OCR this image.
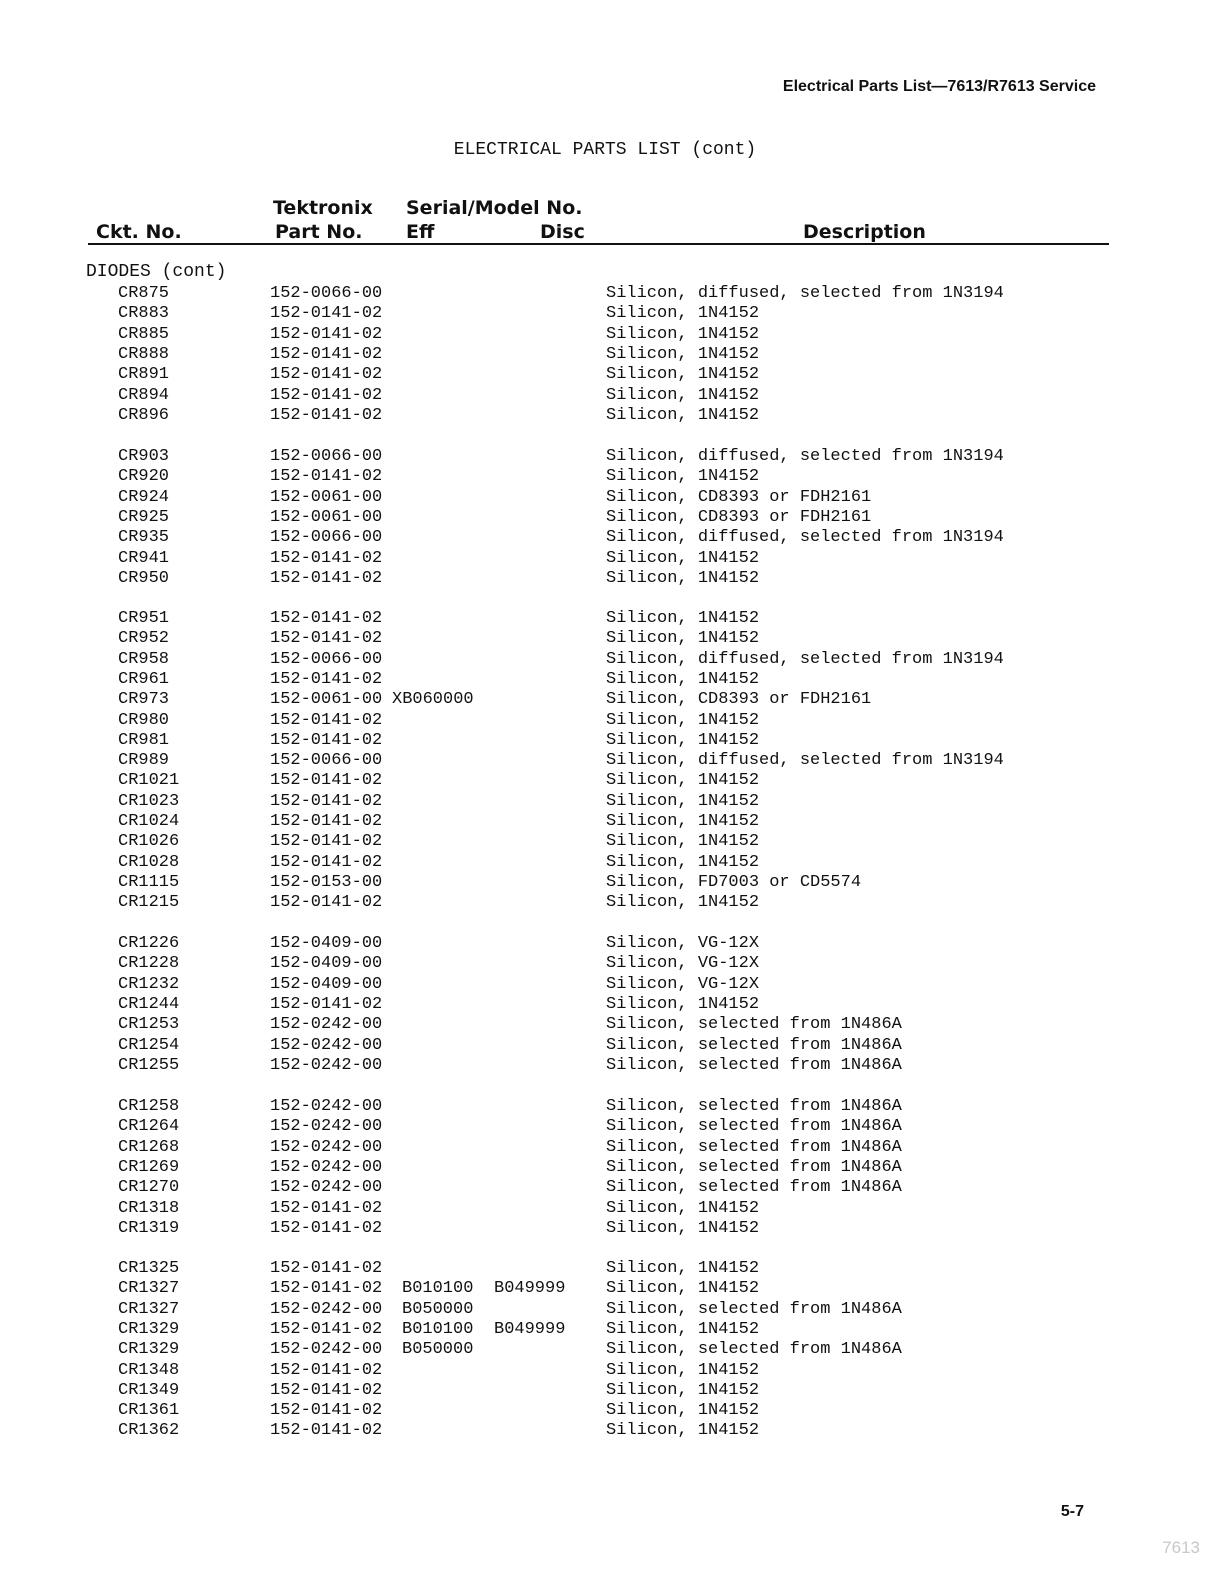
Electrical Parts List—7613/R7613 Service
ELECTRICAL PARTS LIST (cont)
Tektronix Serial/Model No.
Ckt. No.	Part No. Eff	Disc	Description
DIODES (cont)
CR875	152-0066-00	Silicon, diffused, selected from 1N3194
CR883	152-0141-02	Silicon, 1N4152
CR885	152-0141-02	Silicon, 1N4152
CR888	152-0141-02	Silicon, 1N4152
CR891	152-0141-02	Silicon, 1N4152
CR894	152-0141-02	Silicon, 1N4152
CR896	152-0141-02	Silicon, 1N4152
CR903	152-0066-00	Silicon, diffused, selected from 1N3194
CR920	152-0141-02	Silicon, 1N4152
CR924	152-0061-00	Silicon, CD8393 or FDH2161
CR925	152-0061-00	Silicon, CD8393 or FDH2161
CR935	152-0066-00	Silicon, diffused, selected from 1N3194
CR941	152-0141-02	Silicon, 1N4152
CR950	152-0141-02	Silicon, 1N4152
CR951	152-0141-02	Silicon, 1N4152
CR952	152-0141-02	Silicon, 1N4152
CR958	152-0066-00	Silicon, diffused, selected from 1N3194
CR961	152-0141-02	Silicon, 1N4152
CR973	152-0061-00 XB060000	Silicon, CD8393 or FDH2161
CR980	152-0141-02	Silicon, 1N4152
CR981	152-0141-02	Silicon, 1N4152
CR989	152-0066-00	Silicon, diffused, selected from 1N3194
CR1021	152-0141-02	Silicon, 1N4152
CR1023	152-0141-02	Silicon, 1N4152
CR1024	152-0141-02	Silicon, 1N4152
CR1026	152-0141-02	Silicon, 1N4152
CR1028	152-0141-02	Silicon, 1N4152
CR1115	152-0153-00	Silicon, FD7003 or CD5574
CR1215	152-0141-02	Silicon, 1N4152
CR1226	152-0409-00	Silicon, VG-12X
CR1228	152-0409-00	Silicon, VG-12X
CR1232	152-0409-00	Silicon, VG-12X
CR1244	152-0141-02	Silicon, 1N4152
CR1253	152-0242-00	Silicon, selected from 1N486A
CR1254	152-0242-00	Silicon, selected from 1N486A
CR1255	152-0242-00	Silicon, selected from 1N486A
CR1258	152-0242-00	Silicon, selected from 1N486A
CR1264	152-0242-00	Silicon, selected from 1N486A
CR1268	152-0242-00	Silicon, selected from 1N486A
CR1269	152-0242-00	Silicon, selected from 1N486A
CR1270	152-0242-00	Silicon, selected from 1N486A
CR1318	152-0141-02	Silicon, 1N4152
CR1319	152-0141-02	Silicon, 1N4152
CR1325	152-0141-02	Silicon, 1N4152
CR1327	152-0141-02 B010100 B049999 Silicon, 1N4152
CR1327	152-0242-00 B050000	Silicon, selected from 1N486A
CR1329	152-0141-02 B010100 B049999 Silicon, 1N4152
CR1329	152-0242-00 B050000	Silicon, selected from 1N486A
CR1348	152-0141-02	Silicon, 1N4152
CR1349	152-0141-02	Silicon, 1N4152
CR1361	152-0141-02	Silicon, 1N4152
CR1362	152-0141-02	Silicon, 1N4152
5-7
7613
